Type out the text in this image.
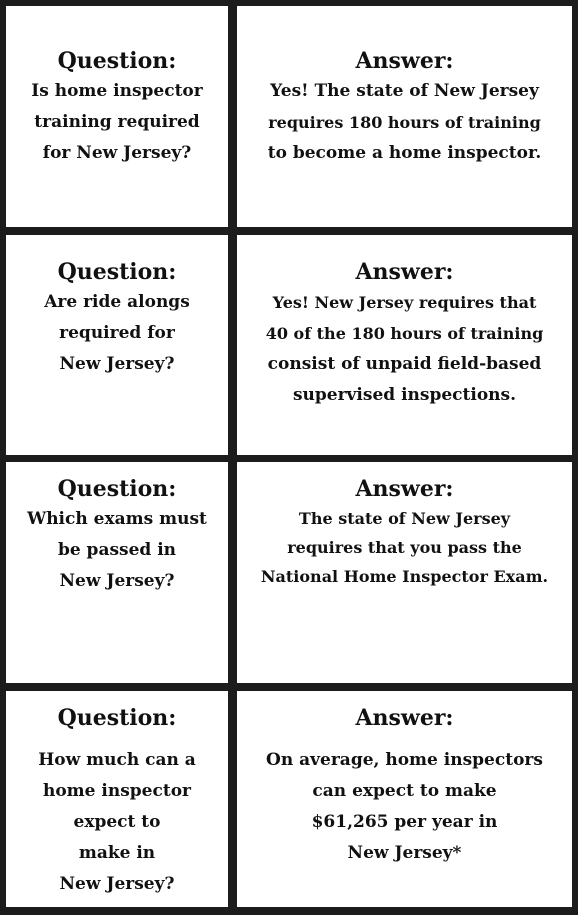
Question:
Is home inspector
training required
for New Jersey?
Answer:
Yes! The state of New Jersey
requires 180 hours of training
to become a home inspector.
Question:
Are ride alongs
required for
New Jersey?
Answer:
Yes! New Jersey requires that
40 of the 180 hours of training
consist of unpaid field-based
supervised inspections.
Question:
Which exams must
be passed in
New Jersey?
Answer:
The state of New Jersey
requires that you pass the
National Home Inspector Exam.
Question:
How much can a
home inspector
expect to
make in
New Jersey?
Answer:
On average, home inspectors
can expect to make
$61,265 per year in
New Jersey*
